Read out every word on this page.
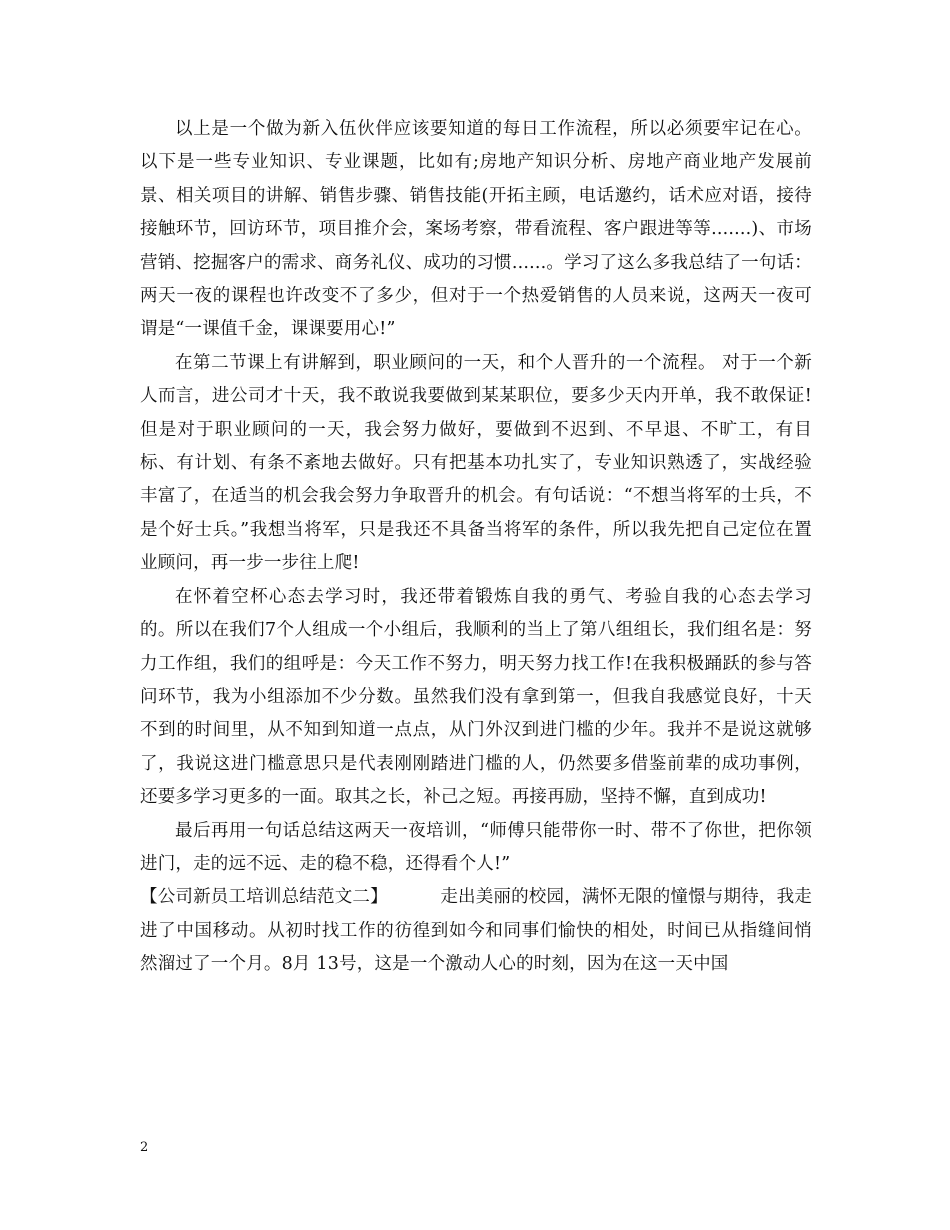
以上是一个做为新入伍伙伴应该要知道的每日工作流程，所以必须要牢记在心。以下是一些专业知识、专业课题，比如有;房地产知识分析、房地产商业地产发展前景、相关项目的讲解、销售步骤、销售技能(开拓主顾，电话邀约，话术应对语，接待接触环节，回访环节，项目推介会，案场考察，带看流程、客户跟进等等.......)、市场营销、挖掘客户的需求、商务礼仪、成功的习惯......。学习了这么多我总结了一句话：两天一夜的课程也许改变不了多少，但对于一个热爱销售的人员来说，这两天一夜可谓是“一课值千金，课课要用心!”

在第二节课上有讲解到，职业顾问的一天，和个人晋升的一个流程。 对于一个新人而言，进公司才十天，我不敢说我要做到某某职位，要多少天内开单，我不敢保证!但是对于职业顾问的一天，我会努力做好，要做到不迟到、不早退、不旷工，有目标、有计划、有条不紊地去做好。只有把基本功扎实了，专业知识熟透了，实战经验丰富了，在适当的机会我会努力争取晋升的机会。有句话说：“不想当将军的士兵，不是个好士兵。”我想当将军，只是我还不具备当将军的条件，所以我先把自己定位在置业顾问，再一步一步往上爬!

在怀着空杯心态去学习时，我还带着锻炼自我的勇气、考验自我的心态去学习的。所以在我们7个人组成一个小组后，我顺利的当上了第八组组长，我们组名是：努力工作组，我们的组呼是：今天工作不努力，明天努力找工作!在我积极踊跃的参与答问环节，我为小组添加不少分数。虽然我们没有拿到第一，但我自我感觉良好，十天不到的时间里，从不知到知道一点点，从门外汉到进门槛的少年。我并不是说这就够了，我说这进门槛意思只是代表刚刚踏进门槛的人，仍然要多借鉴前辈的成功事例，还要多学习更多的一面。取其之长，补己之短。再接再励，坚持不懈，直到成功!

最后再用一句话总结这两天一夜培训，“师傅只能带你一时、带不了你世，把你领进门，走的远不远、走的稳不稳，还得看个人!”

【公司新员工培训总结范文二】	走出美丽的校园，满怀无限的憧憬与期待，我走进了中国移动。从初时找工作的彷徨到如今和同事们愉快的相处，时间已从指缝间悄然溜过了一个月。8月 13号，这是一个激动人心的时刻，因为在这一天中国

2
